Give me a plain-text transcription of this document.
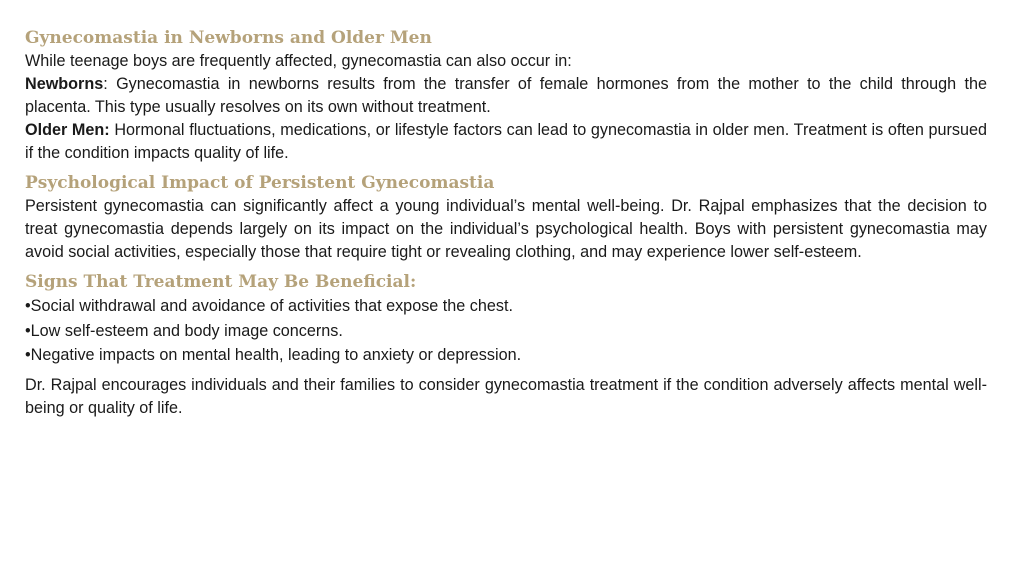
Gynecomastia in Newborns and Older Men

While teenage boys are frequently affected, gynecomastia can also occur in:

Newborns: Gynecomastia in newborns results from the transfer of female hormones from the mother to the child through the placenta. This type usually resolves on its own without treatment.

Older Men: Hormonal fluctuations, medications, or lifestyle factors can lead to gynecomastia in older men. Treatment is often pursued if the condition impacts quality of life.

Psychological Impact of Persistent Gynecomastia

Persistent gynecomastia can significantly affect a young individual’s mental well-being. Dr. Rajpal emphasizes that the decision to treat gynecomastia depends largely on its impact on the individual’s psychological health. Boys with persistent gynecomastia may avoid social activities, especially those that require tight or revealing clothing, and may experience lower self-esteem.

Signs That Treatment May Be Beneficial:
•Social withdrawal and avoidance of activities that expose the chest.
•Low self-esteem and body image concerns.
•Negative impacts on mental health, leading to anxiety or depression.

Dr. Rajpal encourages individuals and their families to consider gynecomastia treatment if the condition adversely affects mental well-being or quality of life.
